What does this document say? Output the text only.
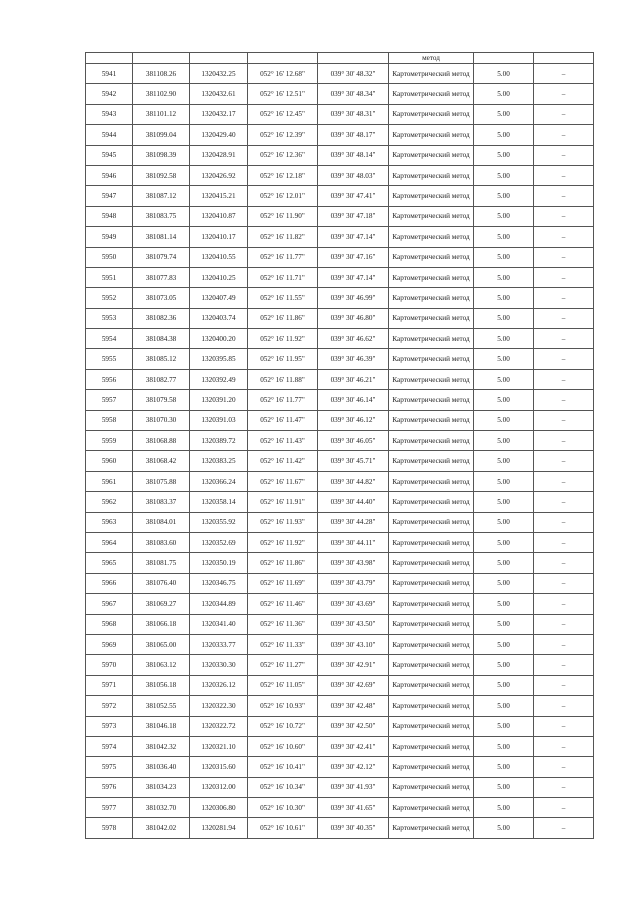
					метод		
5941	381108.26	1320432.25	052° 16' 12.68"	039° 30' 48.32"	Картометрический метод	5.00	–
5942	381102.90	1320432.61	052° 16' 12.51"	039° 30' 48.34"	Картометрический метод	5.00	–
5943	381101.12	1320432.17	052° 16' 12.45"	039° 30' 48.31"	Картометрический метод	5.00	–
5944	381099.04	1320429.40	052° 16' 12.39"	039° 30' 48.17"	Картометрический метод	5.00	–
5945	381098.39	1320428.91	052° 16' 12.36"	039° 30' 48.14"	Картометрический метод	5.00	–
5946	381092.58	1320426.92	052° 16' 12.18"	039° 30' 48.03"	Картометрический метод	5.00	–
5947	381087.12	1320415.21	052° 16' 12.01"	039° 30' 47.41"	Картометрический метод	5.00	–
5948	381083.75	1320410.87	052° 16' 11.90"	039° 30' 47.18"	Картометрический метод	5.00	–
5949	381081.14	1320410.17	052° 16' 11.82"	039° 30' 47.14"	Картометрический метод	5.00	–
5950	381079.74	1320410.55	052° 16' 11.77"	039° 30' 47.16"	Картометрический метод	5.00	–
5951	381077.83	1320410.25	052° 16' 11.71"	039° 30' 47.14"	Картометрический метод	5.00	–
5952	381073.05	1320407.49	052° 16' 11.55"	039° 30' 46.99"	Картометрический метод	5.00	–
5953	381082.36	1320403.74	052° 16' 11.86"	039° 30' 46.80"	Картометрический метод	5.00	–
5954	381084.38	1320400.20	052° 16' 11.92"	039° 30' 46.62"	Картометрический метод	5.00	–
5955	381085.12	1320395.85	052° 16' 11.95"	039° 30' 46.39"	Картометрический метод	5.00	–
5956	381082.77	1320392.49	052° 16' 11.88"	039° 30' 46.21"	Картометрический метод	5.00	–
5957	381079.58	1320391.20	052° 16' 11.77"	039° 30' 46.14"	Картометрический метод	5.00	–
5958	381070.30	1320391.03	052° 16' 11.47"	039° 30' 46.12"	Картометрический метод	5.00	–
5959	381068.88	1320389.72	052° 16' 11.43"	039° 30' 46.05"	Картометрический метод	5.00	–
5960	381068.42	1320383.25	052° 16' 11.42"	039° 30' 45.71"	Картометрический метод	5.00	–
5961	381075.88	1320366.24	052° 16' 11.67"	039° 30' 44.82"	Картометрический метод	5.00	–
5962	381083.37	1320358.14	052° 16' 11.91"	039° 30' 44.40"	Картометрический метод	5.00	–
5963	381084.01	1320355.92	052° 16' 11.93"	039° 30' 44.28"	Картометрический метод	5.00	–
5964	381083.60	1320352.69	052° 16' 11.92"	039° 30' 44.11"	Картометрический метод	5.00	–
5965	381081.75	1320350.19	052° 16' 11.86"	039° 30' 43.98"	Картометрический метод	5.00	–
5966	381076.40	1320346.75	052° 16' 11.69"	039° 30' 43.79"	Картометрический метод	5.00	–
5967	381069.27	1320344.89	052° 16' 11.46"	039° 30' 43.69"	Картометрический метод	5.00	–
5968	381066.18	1320341.40	052° 16' 11.36"	039° 30' 43.50"	Картометрический метод	5.00	–
5969	381065.00	1320333.77	052° 16' 11.33"	039° 30' 43.10"	Картометрический метод	5.00	–
5970	381063.12	1320330.30	052° 16' 11.27"	039° 30' 42.91"	Картометрический метод	5.00	–
5971	381056.18	1320326.12	052° 16' 11.05"	039° 30' 42.69"	Картометрический метод	5.00	–
5972	381052.55	1320322.30	052° 16' 10.93"	039° 30' 42.48"	Картометрический метод	5.00	–
5973	381046.18	1320322.72	052° 16' 10.72"	039° 30' 42.50"	Картометрический метод	5.00	–
5974	381042.32	1320321.10	052° 16' 10.60"	039° 30' 42.41"	Картометрический метод	5.00	–
5975	381036.40	1320315.60	052° 16' 10.41"	039° 30' 42.12"	Картометрический метод	5.00	–
5976	381034.23	1320312.00	052° 16' 10.34"	039° 30' 41.93"	Картометрический метод	5.00	–
5977	381032.70	1320306.80	052° 16' 10.30"	039° 30' 41.65"	Картометрический метод	5.00	–
5978	381042.02	1320281.94	052° 16' 10.61"	039° 30' 40.35"	Картометрический метод	5.00	–
